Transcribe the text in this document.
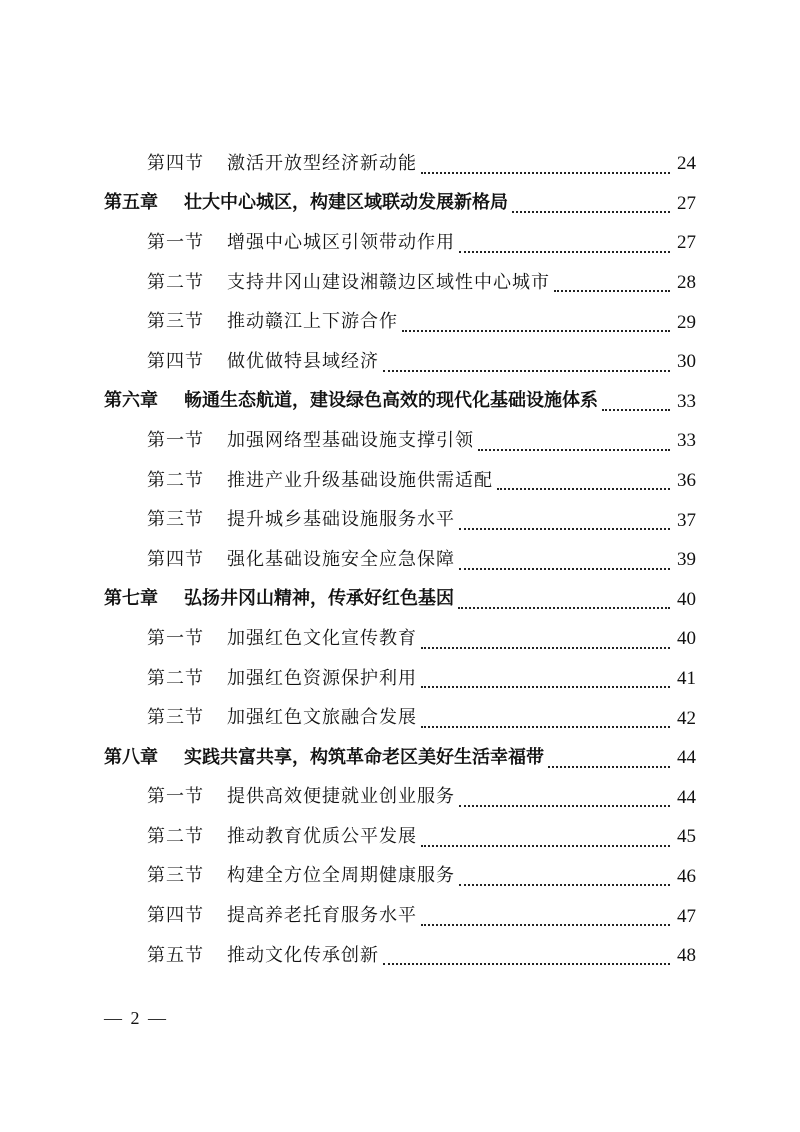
第四节	激活开放型经济新动能	24
第五章	壮大中心城区，构建区域联动发展新格局	27
第一节	增强中心城区引领带动作用	27
第二节	支持井冈山建设湘赣边区域性中心城市	28
第三节	推动赣江上下游合作	29
第四节	做优做特县域经济	30
第六章	畅通生态航道，建设绿色高效的现代化基础设施体系	33
第一节	加强网络型基础设施支撑引领	33
第二节	推进产业升级基础设施供需适配	36
第三节	提升城乡基础设施服务水平	37
第四节	强化基础设施安全应急保障	39
第七章	弘扬井冈山精神，传承好红色基因	40
第一节	加强红色文化宣传教育	40
第二节	加强红色资源保护利用	41
第三节	加强红色文旅融合发展	42
第八章	实践共富共享，构筑革命老区美好生活幸福带	44
第一节	提供高效便捷就业创业服务	44
第二节	推动教育优质公平发展	45
第三节	构建全方位全周期健康服务	46
第四节	提高养老托育服务水平	47
第五节	推动文化传承创新	48
— 2 —
